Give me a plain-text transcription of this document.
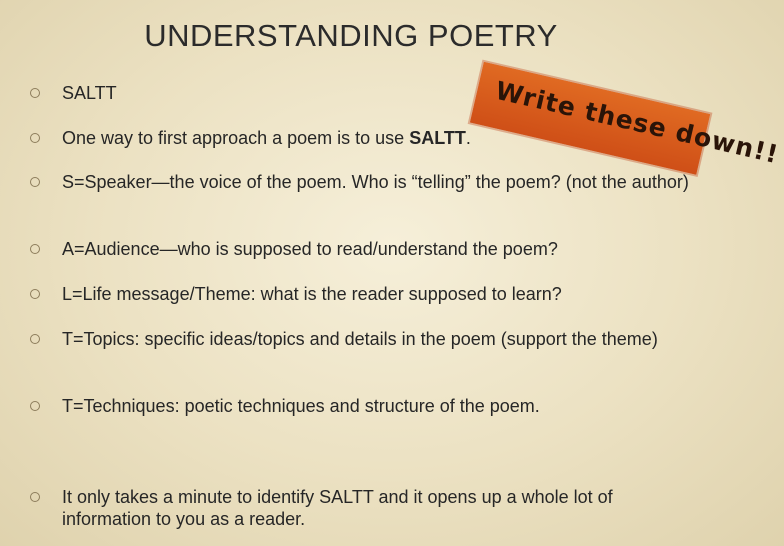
UNDERSTANDING POETRY
SALTT
One way to first approach a poem is to use SALTT.
S=Speaker—the voice of the poem. Who is “telling” the poem? (not the author)
A=Audience—who is supposed to read/understand the poem?
L=Life message/Theme: what is the reader supposed to learn?
T=Topics: specific ideas/topics and details in the poem (support the theme)
T=Techniques: poetic techniques and structure of the poem.
It only takes a minute to identify SALTT and it opens up a whole lot of information to you as a reader.
Write these down!!
